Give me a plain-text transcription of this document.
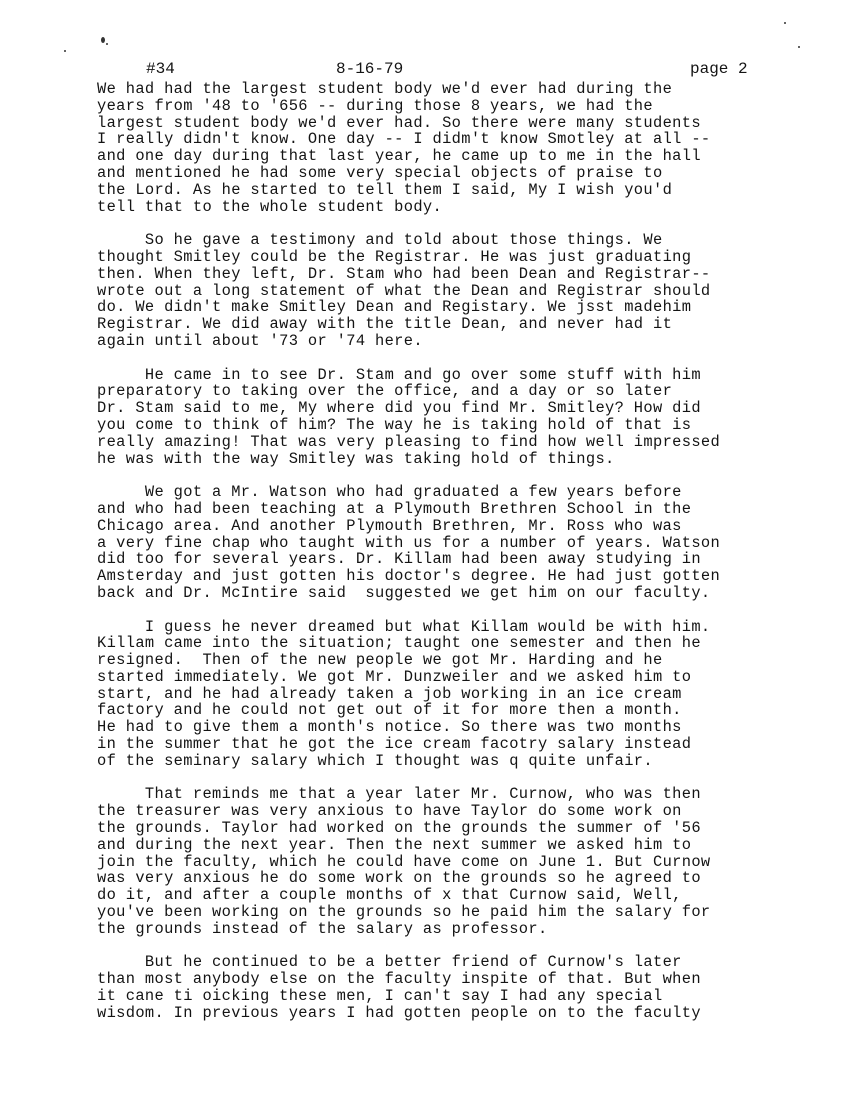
#34	8-16-79	page 2
We had had the largest student body we'd ever had during the
years from '48 to '656 -- during those 8 years, we had the
largest student body we'd ever had. So there were many students
I really didn't know. One day -- I didm't know Smotley at all --
and one day during that last year, he came up to me in the hall
and mentioned he had some very special objects of praise to
the Lord. As he started to tell them I said, My I wish you'd
tell that to the whole student body.
So he gave a testimony and told about those things. We
thought Smitley could be the Registrar. He was just graduating
then. When they left, Dr. Stam who had been Dean and Registrar--
wrote out a long statement of what the Dean and Registrar should
do. We didn't make Smitley Dean and Registary. We jsst madehim
Registrar. We did away with the title Dean, and never had it
again until about '73 or '74 here.
He came in to see Dr. Stam and go over some stuff with him
preparatory to taking over the office, and a day or so later
Dr. Stam said to me, My where did you find Mr. Smitley? How did
you come to think of him? The way he is taking hold of that is
really amazing! That was very pleasing to find how well impressed
he was with the way Smitley was taking hold of things.
We got a Mr. Watson who had graduated a few years before
and who had been teaching at a Plymouth Brethren School in the
Chicago area. And another Plymouth Brethren, Mr. Ross who was
a very fine chap who taught with us for a number of years. Watson
did too for several years. Dr. Killam had been away studying in
Amsterday and just gotten his doctor's degree. He had just gotten
back and Dr. McIntire said  suggested we get him on our faculty.
I guess he never dreamed but what Killam would be with him.
Killam came into the situation; taught one semester and then he
resigned.  Then of the new people we got Mr. Harding and he
started immediately. We got Mr. Dunzweiler and we asked him to
start, and he had already taken a job working in an ice cream
factory and he could not get out of it for more then a month.
He had to give them a month's notice. So there was two months
in the summer that he got the ice cream facotry salary instead
of the seminary salary which I thought was q quite unfair.
That reminds me that a year later Mr. Curnow, who was then
the treasurer was very anxious to have Taylor do some work on
the grounds. Taylor had worked on the grounds the summer of '56
and during the next year. Then the next summer we asked him to
join the faculty, which he could have come on June 1. But Curnow
was very anxious he do some work on the grounds so he agreed to
do it, and after a couple months of x that Curnow said, Well,
you've been working on the grounds so he paid him the salary for
the grounds instead of the salary as professor.
But he continued to be a better friend of Curnow's later
than most anybody else on the faculty inspite of that. But when
it cane ti oicking these men, I can't say I had any special
wisdom. In previous years I had gotten people on to the faculty
